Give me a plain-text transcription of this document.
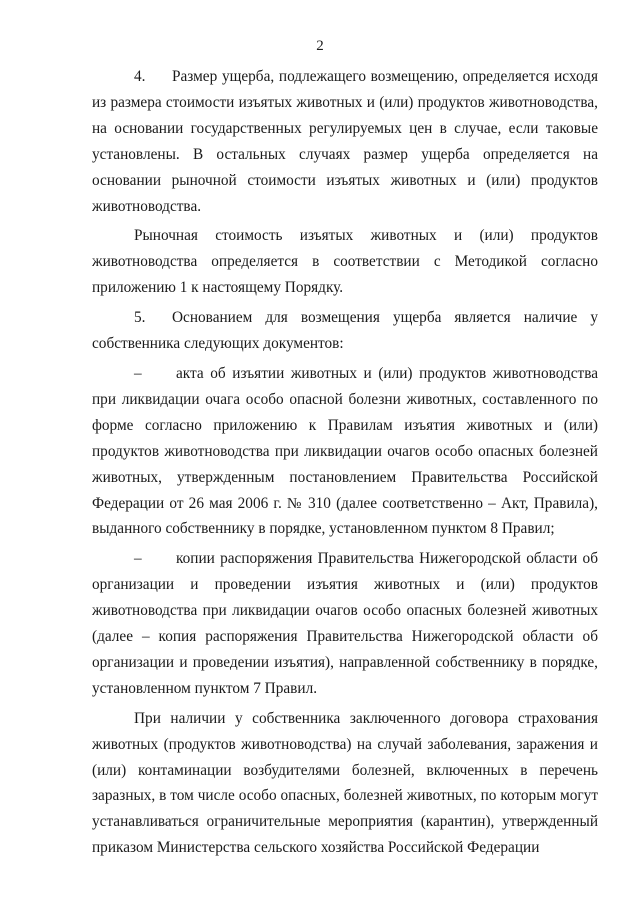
2

4. Размер ущерба, подлежащего возмещению, определяется исходя из размера стоимости изъятых животных и (или) продуктов животноводства, на основании государственных регулируемых цен в случае, если таковые установлены. В остальных случаях размер ущерба определяется на основании рыночной стоимости изъятых животных и (или) продуктов животноводства.

Рыночная стоимость изъятых животных и (или) продуктов животноводства определяется в соответствии с Методикой согласно приложению 1 к настоящему Порядку.

5. Основанием для возмещения ущерба является наличие у собственника следующих документов:

– акта об изъятии животных и (или) продуктов животноводства при ликвидации очага особо опасной болезни животных, составленного по форме согласно приложению к Правилам изъятия животных и (или) продуктов животноводства при ликвидации очагов особо опасных болезней животных, утвержденным постановлением Правительства Российской Федерации от 26 мая 2006 г. № 310 (далее соответственно – Акт, Правила), выданного собственнику в порядке, установленном пунктом 8 Правил;

– копии распоряжения Правительства Нижегородской области об организации и проведении изъятия животных и (или) продуктов животноводства при ликвидации очагов особо опасных болезней животных (далее – копия распоряжения Правительства Нижегородской области об организации и проведении изъятия), направленной собственнику в порядке, установленном пунктом 7 Правил.

При наличии у собственника заключенного договора страхования животных (продуктов животноводства) на случай заболевания, заражения и (или) контаминации возбудителями болезней, включенных в перечень заразных, в том числе особо опасных, болезней животных, по которым могут устанавливаться ограничительные мероприятия (карантин), утвержденный приказом Министерства сельского хозяйства Российской Федерации
